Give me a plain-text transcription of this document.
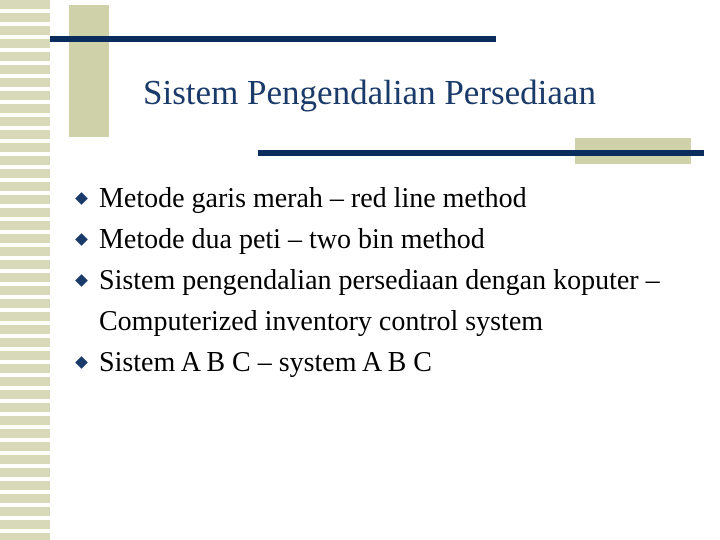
Sistem Pengendalian Persediaan
Metode garis merah – red line method
Metode dua peti – two bin method
Sistem pengendalian persediaan dengan koputer – Computerized inventory control system
Sistem A B C – system A B C
